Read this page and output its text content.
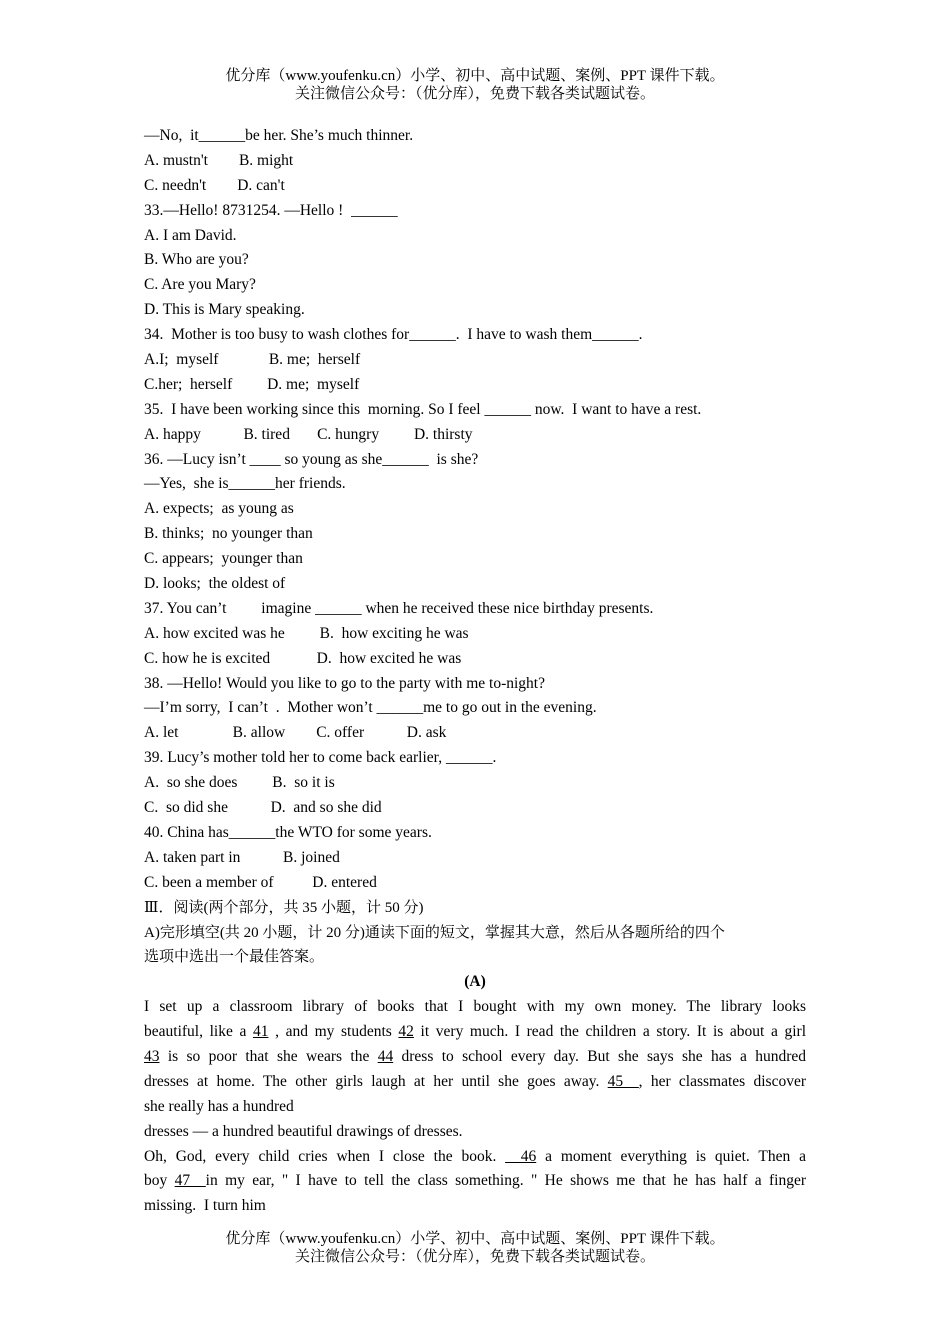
优分库（www.youfenku.cn）小学、初中、高中试题、案例、PPT 课件下载。
关注微信公众号：（优分库），免费下载各类试题试卷。
—No,  it______be her. She’s much thinner.
A. mustn't        B. might
C. needn't        D. can't
33.—Hello! 8731254. —Hello !  ______
A. I am David.
B. Who are you?
C. Are you Mary?
D. This is Mary speaking.
34.  Mother is too busy to wash clothes for______.  I have to wash them______.
A.I;  myself             B. me;  herself
C.her;  herself         D. me;  myself
35.  I have been working since this  morning. So I feel ______ now.  I want to have a rest.
A. happy           B. tired       C. hungry         D. thirsty
36. —Lucy isn’t ____ so young as she______  is she?
—Yes,  she is______her friends.
A. expects;  as young as
B. thinks;  no younger than
C. appears;  younger than
D. looks;  the oldest of
37. You can’t         imagine ______ when he received these nice birthday presents.
A. how excited was he         B.  how exciting he was
C. how he is excited            D.  how excited he was
38. —Hello! Would you like to go to the party with me to-night?
—I’m sorry,  I can’t  .  Mother won’t ______me to go out in the evening.
A. let              B. allow        C. offer           D. ask
39. Lucy’s mother told her to come back earlier, ______.
A.  so she does         B.  so it is
C.  so did she           D.  and so she did
40. China has______the WTO for some years.
A. taken part in           B. joined
C. been a member of          D. entered
Ⅲ．阅读(两个部分，共 35 小题，计 50 分)
A)完形填空(共 20 小题，计 20 分)通读下面的短文，掌握其大意，然后从各题所给的四个
选项中选出一个最佳答案。
(A)
I set up a classroom library of books that I bought with my own money. The library looks
beautiful, like a 41 , and my students 42 it very much. I read the children a story. It is about a girl
43 is so poor that she wears the 44 dress to school every day. But she says she has a hundred
dresses at home. The other girls laugh at her until she goes away. 45__, her classmates discover
she really has a hundred
dresses — a hundred beautiful drawings of dresses.
Oh, God, every child cries when I close the book. __46 a moment everything is quiet. Then a
boy 47__in my ear, " I have to tell the class something. " He shows me that he has half a finger
missing.  I turn him
优分库（www.youfenku.cn）小学、初中、高中试题、案例、PPT 课件下载。
关注微信公众号：（优分库），免费下载各类试题试卷。
